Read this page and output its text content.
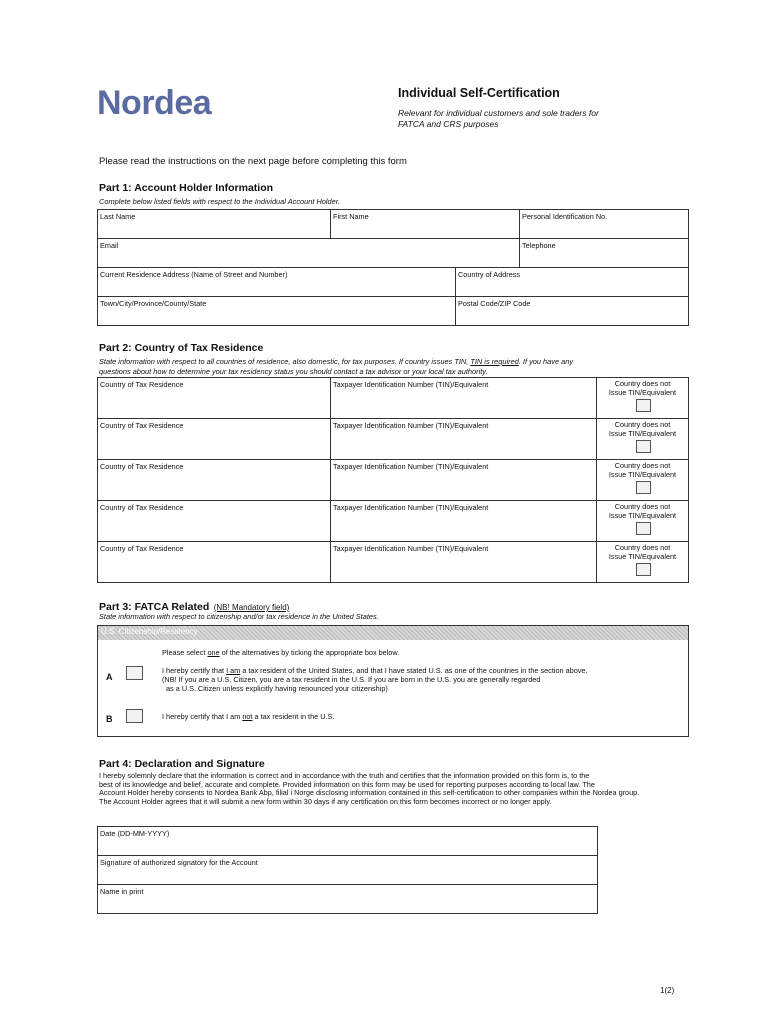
Nordea	Individual Self-Certification
Relevant for individual customers and sole traders for
FATCA and CRS purposes
Please read the instructions on the next page before completing this form
Part 1: Account Holder Information
Complete below listed fields with respect to the Individual Account Holder.
Last Name	First Name	Personal Identification No.
Email	Telephone
Current Residence Address (Name of Street and Number)	Country of Address
Town/City/Province/County/State	Postal Code/ZIP Code
Part 2: Country of Tax Residence
State information with respect to all countries of residence, also domestic, for tax purposes. If country issues TIN, TIN is required. If you have any
questions about how to determine your tax residency status you should contact a tax advisor or your local tax authority.
Country of Tax Residence	Taxpayer Identification Number (TIN)/Equivalent	Country does not
Issue TIN/Equivalent
Country of Tax Residence	Taxpayer Identification Number (TIN)/Equivalent	Country does not
Issue TIN/Equivalent
Country of Tax Residence	Taxpayer Identification Number (TIN)/Equivalent	Country does not
Issue TIN/Equivalent
Country of Tax Residence	Taxpayer Identification Number (TIN)/Equivalent	Country does not
Issue TIN/Equivalent
Country of Tax Residence	Taxpayer Identification Number (TIN)/Equivalent	Country does not
Issue TIN/Equivalent
Part 3: FATCA Related (NB! Mandatory field)
State information with respect to citizenship and/or tax residence in the United States.
U.S. Citizenship/Residency
Please select one of the alternatives by ticking the appropriate box below.
A
I hereby certify that I am a tax resident of the United States, and that I have stated U.S. as one of the countries in the section above.
(NB! If you are a U.S. Citizen, you are a tax resident in the U.S. If you are born in the U.S. you are generally regarded
as a U.S. Citizen unless explicitly having renounced your citizenship)
B	I hereby certify that I am not a tax resident in the U.S.
Part 4: Declaration and Signature
I hereby solemnly declare that the information is correct and in accordance with the truth and certifies that the information provided on this form is, to the
best of its knowledge and belief, accurate and complete. Provided information on this form may be used for reporting purposes according to local law. The
Account Holder hereby consents to Nordea Bank Abp, filial i Norge disclosing information contained in this self-certification to other companies within the Nordea group.
The Account Holder agrees that it will submit a new form within 30 days if any certification on this form becomes incorrect or no longer apply.
Date (DD-MM-YYYY)
Signature of authorized signatory for the Account
Name in print
1(2)
